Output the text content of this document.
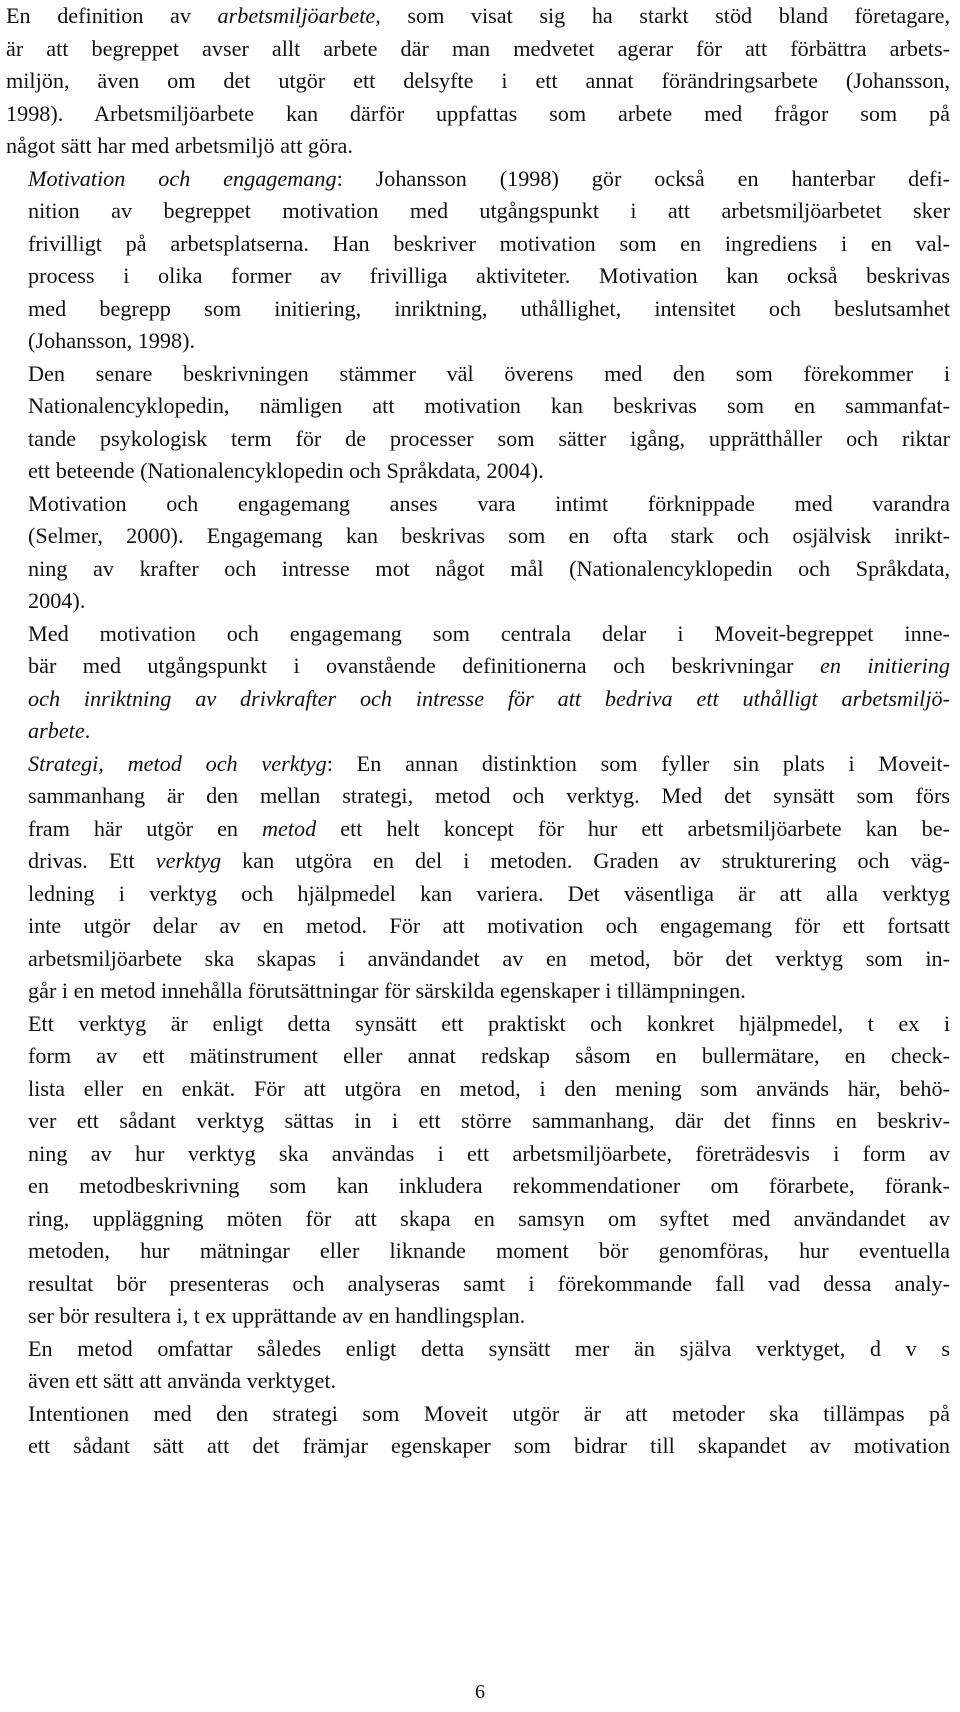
En definition av arbetsmiljöarbete, som visat sig ha starkt stöd bland företagare,
är att begreppet avser allt arbete där man medvetet agerar för att förbättra arbets-
miljön, även om det utgör ett delsyfte i ett annat förändringsarbete (Johansson,
1998). Arbetsmiljöarbete kan därför uppfattas som arbete med frågor som på
något sätt har med arbetsmiljö att göra.
Motivation och engagemang: Johansson (1998) gör också en hanterbar defi-
nition av begreppet motivation med utgångspunkt i att arbetsmiljöarbetet sker
frivilligt på arbetsplatserna. Han beskriver motivation som en ingrediens i en val-
process i olika former av frivilliga aktiviteter. Motivation kan också beskrivas
med begrepp som initiering, inriktning, uthållighet, intensitet och beslutsamhet
(Johansson, 1998).
Den senare beskrivningen stämmer väl överens med den som förekommer i
Nationalencyklopedin, nämligen att motivation kan beskrivas som en sammanfat-
tande psykologisk term för de processer som sätter igång, upprätthåller och riktar
ett beteende (Nationalencyklopedin och Språkdata, 2004).
Motivation och engagemang anses vara intimt förknippade med varandra
(Selmer, 2000). Engagemang kan beskrivas som en ofta stark och osjälvisk inrikt-
ning av krafter och intresse mot något mål (Nationalencyklopedin och Språkdata,
2004).
Med motivation och engagemang som centrala delar i Moveit-begreppet inne-
bär med utgångspunkt i ovanstående definitionerna och beskrivningar en initiering
och inriktning av drivkrafter och intresse för att bedriva ett uthålligt arbetsmiljö-
arbete.
Strategi, metod och verktyg: En annan distinktion som fyller sin plats i Moveit-
sammanhang är den mellan strategi, metod och verktyg. Med det synsätt som förs
fram här utgör en metod ett helt koncept för hur ett arbetsmiljöarbete kan be-
drivas. Ett verktyg kan utgöra en del i metoden. Graden av strukturering och väg-
ledning i verktyg och hjälpmedel kan variera. Det väsentliga är att alla verktyg
inte utgör delar av en metod. För att motivation och engagemang för ett fortsatt
arbetsmiljöarbete ska skapas i användandet av en metod, bör det verktyg som in-
går i en metod innehålla förutsättningar för särskilda egenskaper i tillämpningen.
Ett verktyg är enligt detta synsätt ett praktiskt och konkret hjälpmedel, t ex i
form av ett mätinstrument eller annat redskap såsom en bullermätare, en check-
lista eller en enkät. För att utgöra en metod, i den mening som används här, behö-
ver ett sådant verktyg sättas in i ett större sammanhang, där det finns en beskriv-
ning av hur verktyg ska användas i ett arbetsmiljöarbete, företrädesvis i form av
en metodbeskrivning som kan inkludera rekommendationer om förarbete, förank-
ring, uppläggning möten för att skapa en samsyn om syftet med användandet av
metoden, hur mätningar eller liknande moment bör genomföras, hur eventuella
resultat bör presenteras och analyseras samt i förekommande fall vad dessa analy-
ser bör resultera i, t ex upprättande av en handlingsplan.
En metod omfattar således enligt detta synsätt mer än själva verktyget, d v s
även ett sätt att använda verktyget.
Intentionen med den strategi som Moveit utgör är att metoder ska tillämpas på
ett sådant sätt att det främjar egenskaper som bidrar till skapandet av motivation
6
